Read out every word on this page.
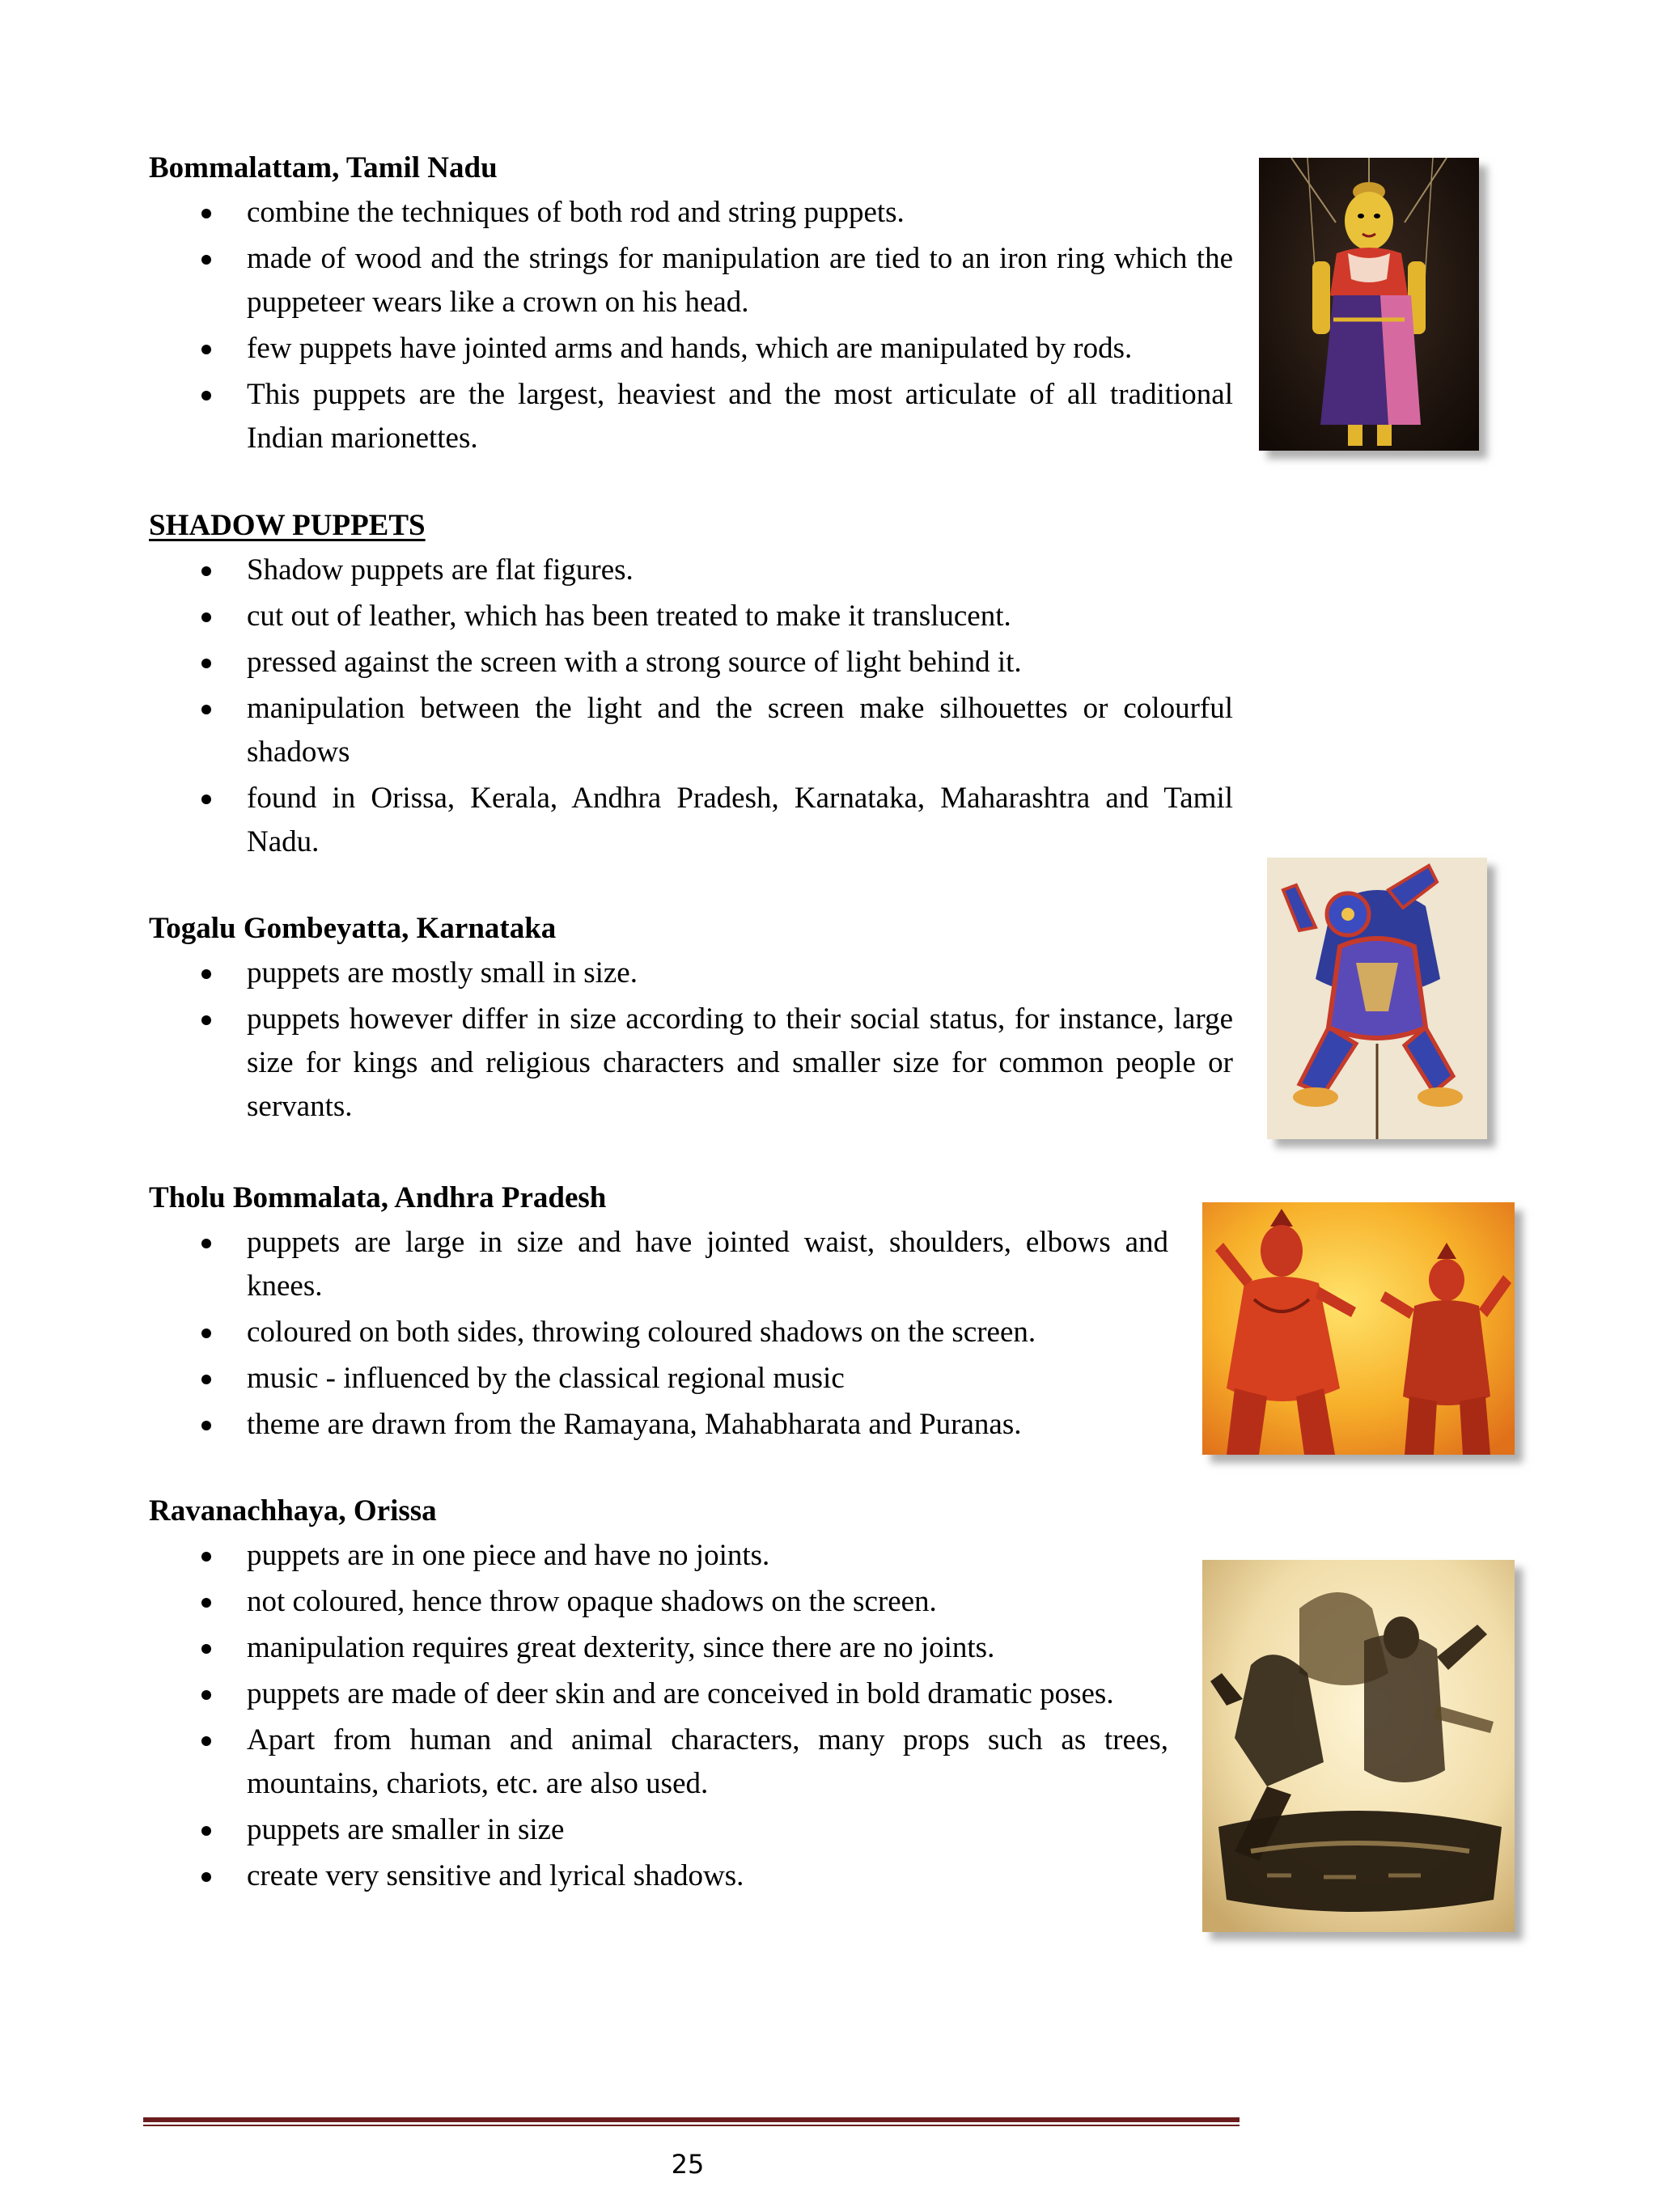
Bommalattam, Tamil Nadu
combine the techniques of both rod and string puppets.
made of wood and the strings for manipulation are tied to an iron ring which the puppeteer wears like a crown on his head.
few puppets have jointed arms and hands, which are manipulated by rods.
This puppets are the largest, heaviest and the most articulate of all traditional Indian marionettes.
SHADOW PUPPETS
Shadow puppets are flat figures.
cut out of leather, which has been treated to make it translucent.
pressed against the screen with a strong source of light behind it.
manipulation between the light and the screen make silhouettes or colourful shadows
found in Orissa, Kerala, Andhra Pradesh, Karnataka, Maharashtra and Tamil Nadu.
Togalu Gombeyatta, Karnataka
puppets are mostly small in size.
puppets however differ in size according to their social status, for instance, large size for kings and religious characters and smaller size for common people or servants.
Tholu Bommalata, Andhra Pradesh
puppets are large in size and have jointed waist, shoulders, elbows and knees.
coloured on both sides, throwing coloured shadows on the screen.
music - influenced by the classical regional music
theme are drawn from the Ramayana, Mahabharata and Puranas.
Ravanachhaya, Orissa
puppets are in one piece and have no joints.
not coloured, hence throw opaque shadows on the screen.
manipulation requires great dexterity, since there are no joints.
puppets are made of deer skin and are conceived in bold dramatic poses.
Apart from human and animal characters, many props such as trees, mountains, chariots, etc. are also used.
puppets are smaller in size
create very sensitive and lyrical shadows.
25
